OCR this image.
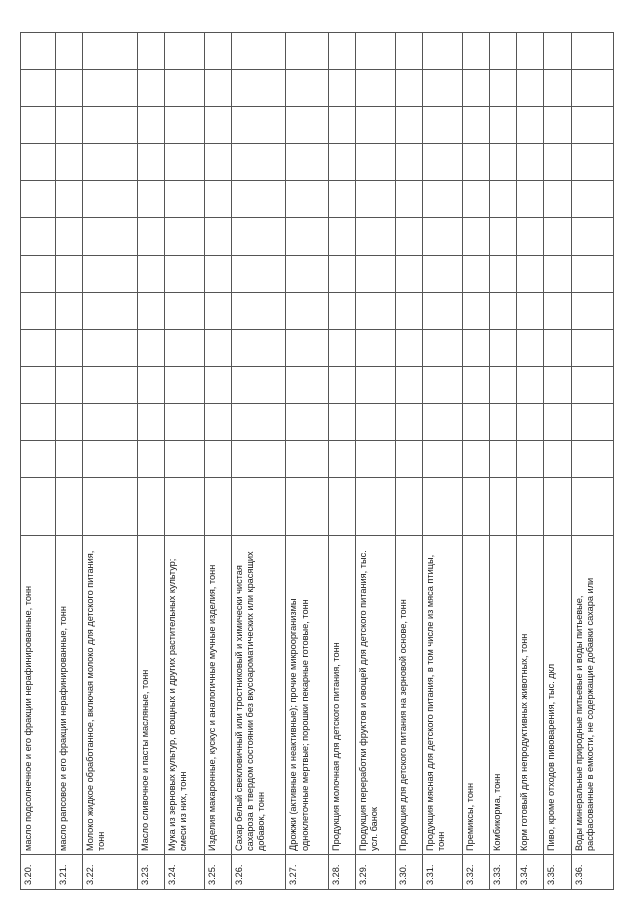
3.20.	масло подсолнечное и его фракции нерафинированные, тонн													
3.21.	масло рапсовое и его фракции нерафинированные, тонн													
3.22.	Молоко жидкое обработанное, включая молоко для детского питания, тонн													
3.23.	Масло сливочное и пасты масляные, тонн													
3.24.	Мука из зерновых культур, овощных и других растительных культур; смеси из них, тонн													
3.25.	Изделия макаронные, кускус и аналогичные мучные изделия, тонн													
3.26.	Сахар белый свекловичный или тростниковый и химически чистая сахароза в твердом состоянии без вкусоароматических или красящих добавок, тонн													
3.27.	Дрожжи (активные и неактивные); прочие микроорганизмы одноклеточные мертвые; порошки пекарные готовые, тонн													
3.28.	Продукция молочная для детского питания, тонн													
3.29.	Продукция переработки фруктов и овощей для детского питания, тыс. усл. банок													
3.30.	Продукция для детского питания на зерновой основе, тонн													
3.31.	Продукция мясная для детского питания, в том числе из мяса птицы, тонн													
3.32.	Премиксы, тонн													
3.33.	Комбикорма, тонн													
3.34.	Корм готовый для непродуктивных животных, тонн													
3.35.	Пиво, кроме отходов пивоварения, тыс. дкл													
3.36.	Воды минеральные природные питьевые и воды питьевые, расфасованные в емкости, не содержащие добавки сахара или													
